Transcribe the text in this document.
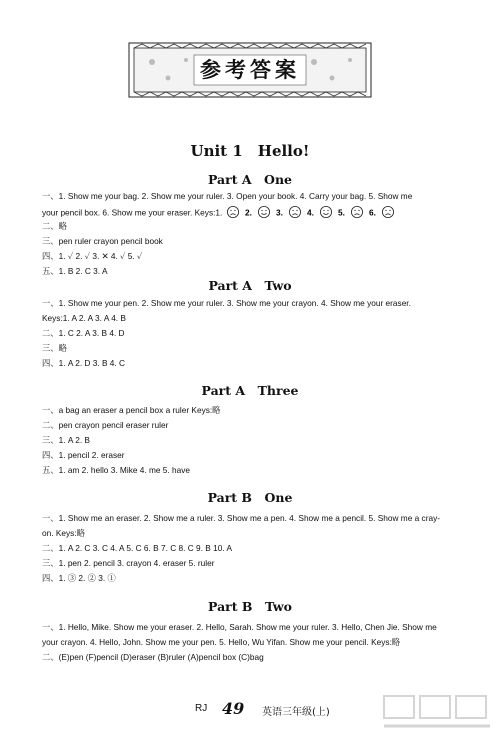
参考答案
Unit 1　Hello!
Part A　One
一、1. Show me your bag. 2. Show me your ruler. 3. Open your book. 4. Carry your bag. 5. Show me
your pencil box. 6. Show me your eraser. Keys:1.	2.	3.	4.	5.	6.
二、略
三、pen ruler crayon pencil book
四、1. ✓ 2. ✓ 3. ✕ 4. ✓ 5. ✓
五、1. B 2. C 3. A
Part A　Two
一、1. Show me your pen. 2. Show me your ruler. 3. Show me your crayon. 4. Show me your eraser.
Keys:1. A 2. A 3. A 4. B
二、1. C 2. A 3. B 4. D
三、略
四、1. A 2. D 3. B 4. C
Part A　Three
一、a bag an eraser a pencil box a ruler Keys:略
二、pen crayon pencil eraser ruler
三、1. A 2. B
四、1. pencil 2. eraser
五、1. am 2. hello 3. Mike 4. me 5. have
Part B　One
一、1. Show me an eraser. 2. Show me a ruler. 3. Show me a pen. 4. Show me a pencil. 5. Show me a cray-
on. Keys:略
二、1. A 2. C 3. C 4. A 5. C 6. B 7. C 8. C 9. B 10. A
三、1. pen 2. pencil 3. crayon 4. eraser 5. ruler
四、1. ③ 2. ② 3. ①
Part B　Two
一、1. Hello, Mike. Show me your eraser. 2. Hello, Sarah. Show me your ruler. 3. Hello, Chen Jie. Show me
your crayon. 4. Hello, John. Show me your pen. 5. Hello, Wu Yifan. Show me your pencil. Keys:略
二、(E)pen (F)pencil (D)eraser (B)ruler (A)pencil box (C)bag
RJ 49 英语三年级(上)
